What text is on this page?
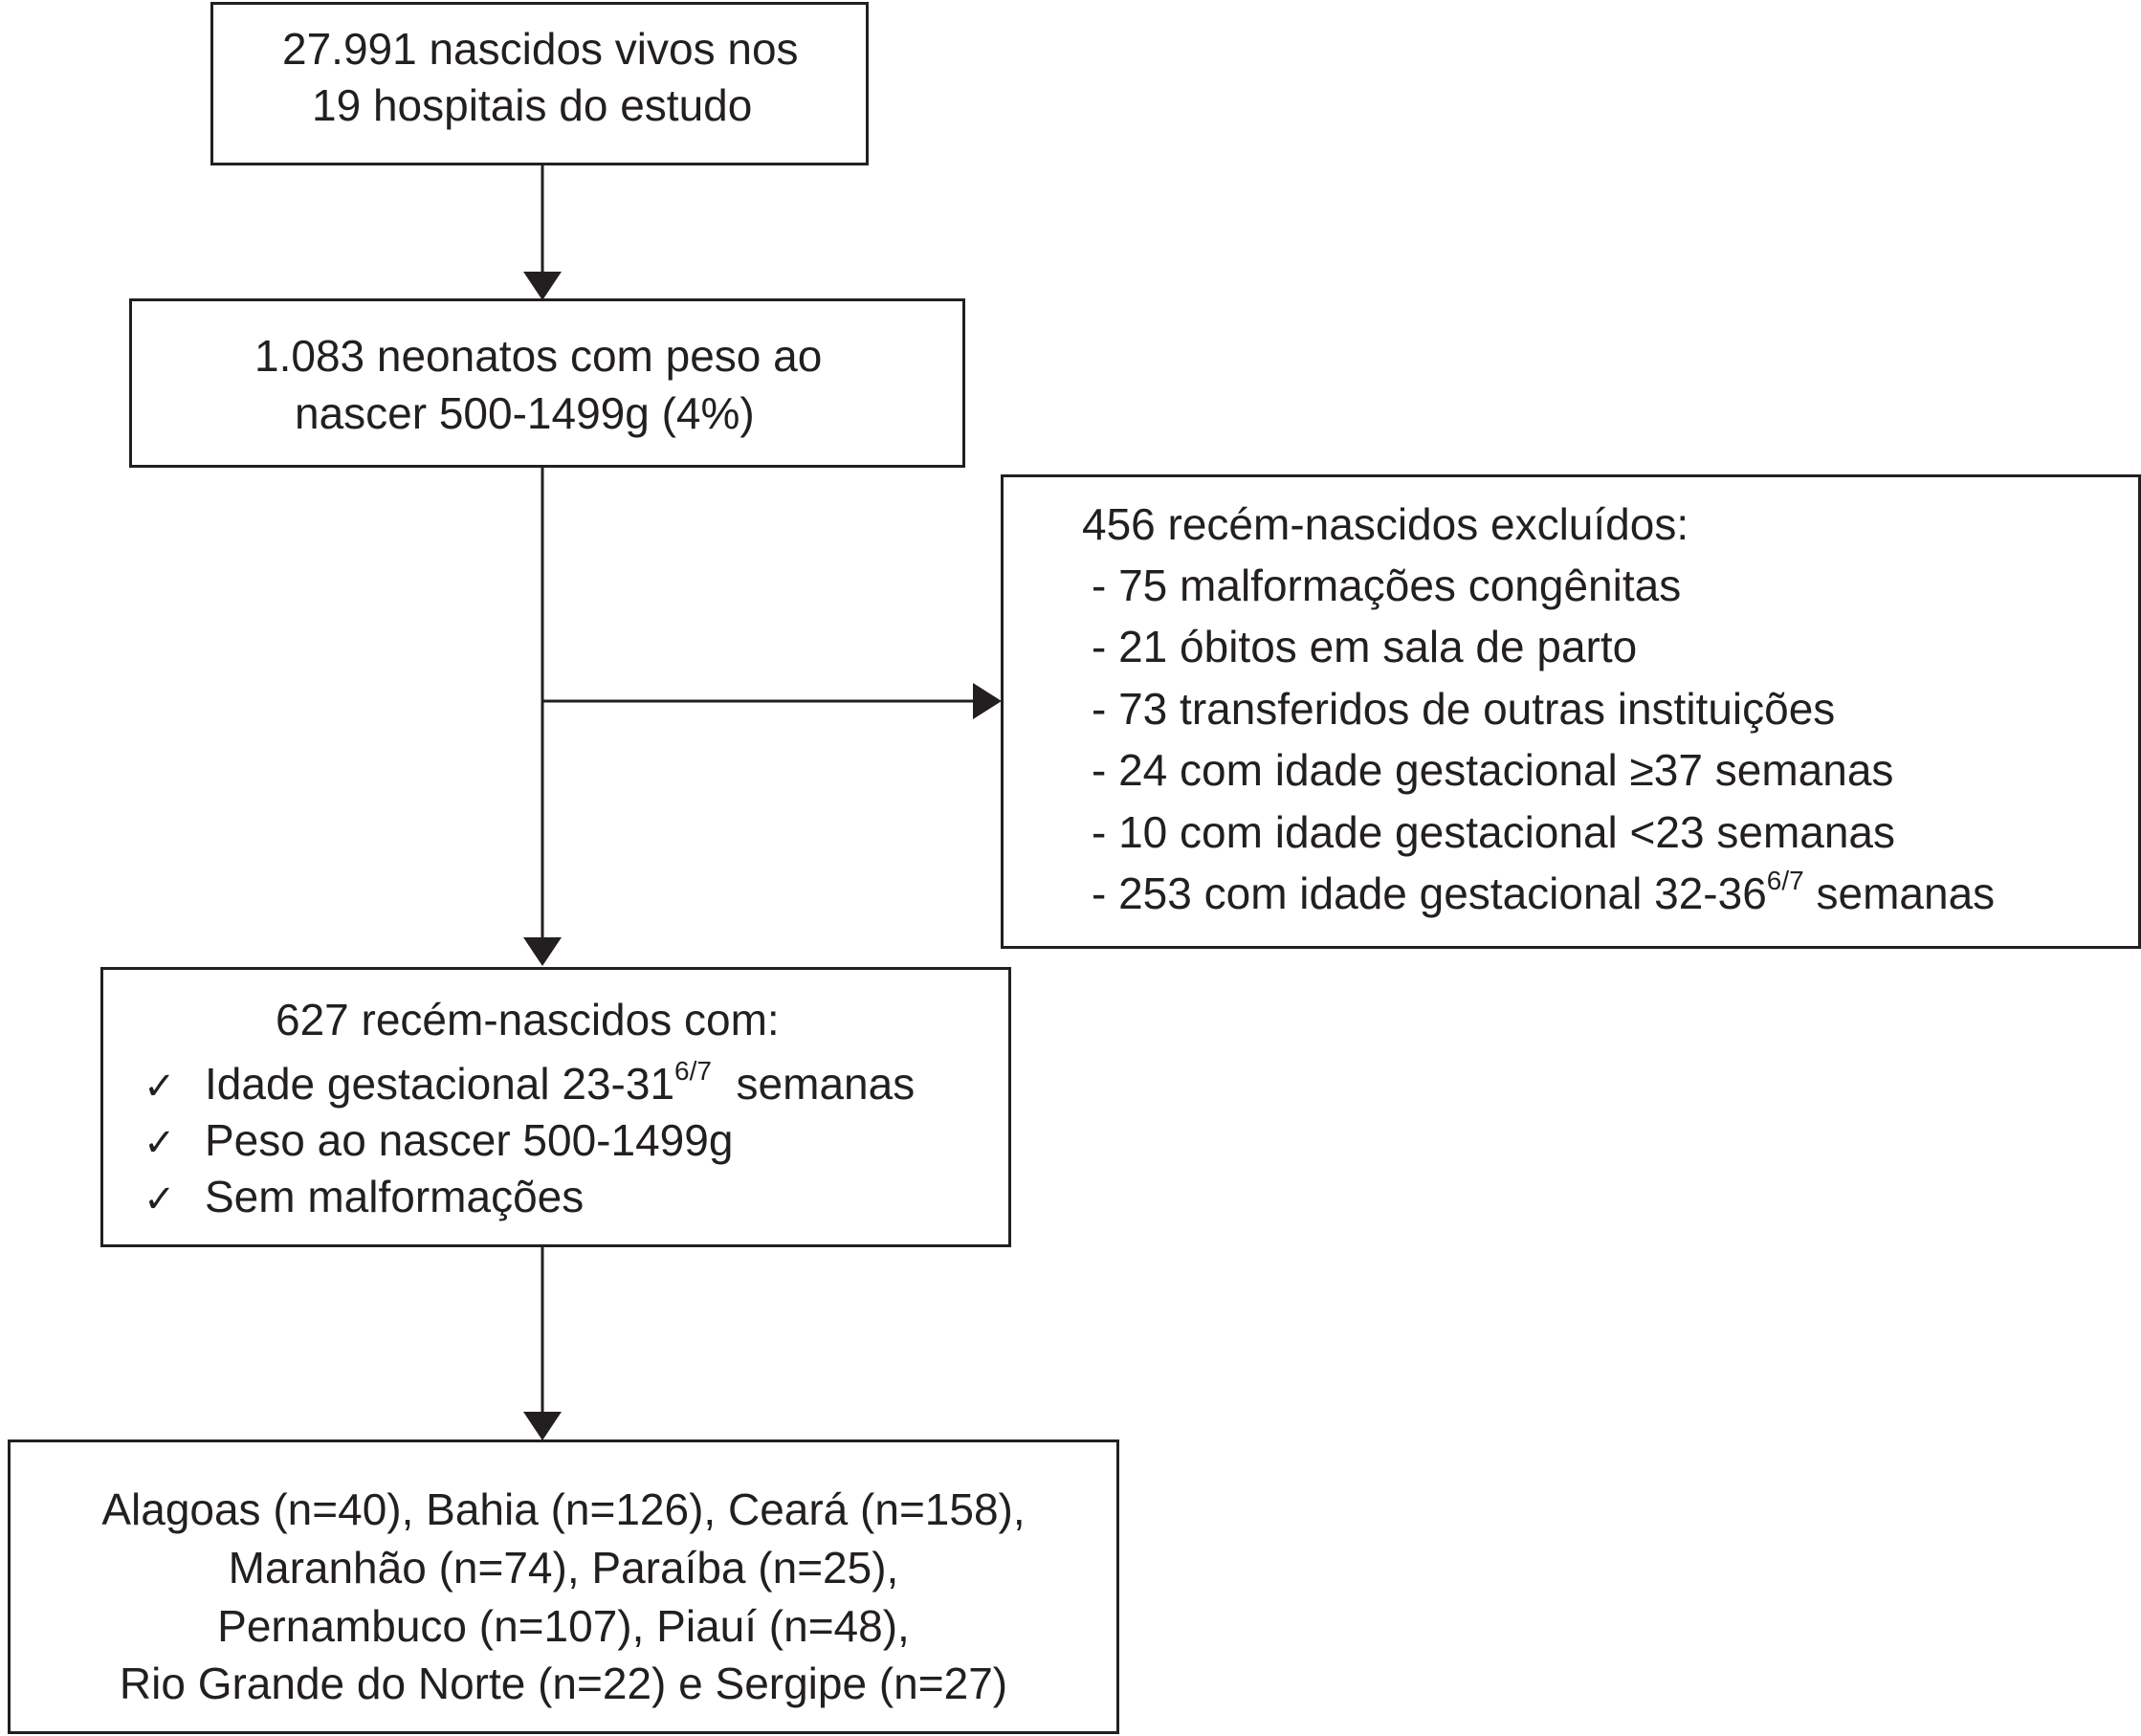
27.991 nascidos vivos nos
19 hospitais do estudo
1.083 neonatos com peso ao
nascer 500-1499g (4%)
456 recém-nascidos excluídos:
- 75 malformações congênitas
- 21 óbitos em sala de parto
- 73 transferidos de outras instituições
- 24 com idade gestacional ≥37 semanas
- 10 com idade gestacional <23 semanas
- 253 com idade gestacional $32-36^{6/7}$ semanas
627 recém-nascidos com:
✓ Idade gestacional $23-31^{6/7}$  semanas
✓ Peso ao nascer 500-1499g
✓ Sem malformações
Alagoas (n=40), Bahia (n=126), Ceará (n=158),
Maranhão (n=74), Paraíba (n=25),
Pernambuco (n=107), Piauí (n=48),
Rio Grande do Norte (n=22) e Sergipe (n=27)
